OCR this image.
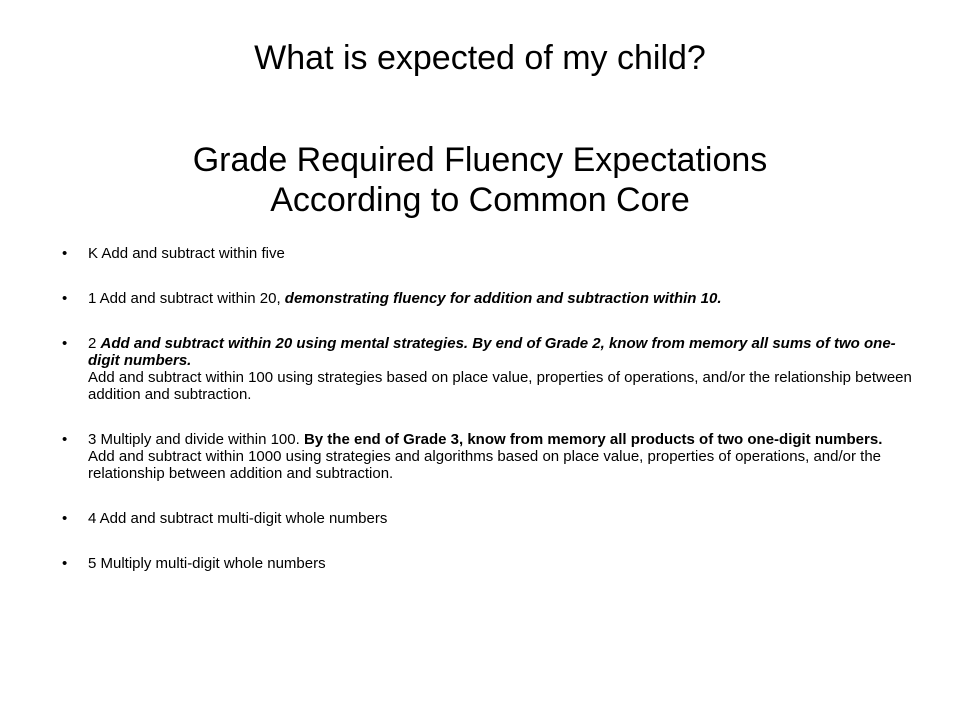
What is expected of my child?
Grade Required Fluency Expectations
According to Common Core
•	K Add and subtract within five
•	1 Add and subtract within 20, demonstrating fluency for addition and subtraction within 10.
•	2 Add and subtract within 20 using mental strategies. By end of Grade 2, know from memory all sums of two one-digit numbers.
Add and subtract within 100 using strategies based on place value, properties of operations, and/or the relationship between addition and subtraction.
•	3 Multiply and divide within 100. By the end of Grade 3, know from memory all products of two one-digit numbers.
Add and subtract within 1000 using strategies and algorithms based on place value, properties of operations, and/or the relationship between addition and subtraction.
•	4 Add and subtract multi-digit whole numbers
•	5 Multiply multi-digit whole numbers
